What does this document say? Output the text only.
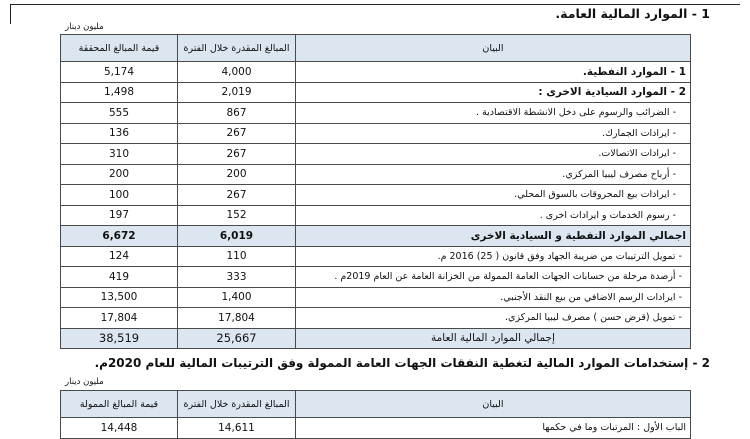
1 - الموارد المالية العامة.
مليون دينار
قيمة المبالغ المحققة	المبالغ المقدرة خلال الفترة	البيان
5,174	4,000	1 - الموارد النفطية.
1,498	2,019	2 - الموارد السيادية الاخرى :
555	867	- الضرائب والرسوم على دخل الانشطة الاقتصادية .
136	267	- ايرادات الجمارك.
310	267	- ايرادات الاتصالات.
200	200	- أرباح مصرف ليبيا المركزي.
100	267	- ايرادات بيع المحروقات بالسوق المحلي.
197	152	- رسوم الخدمات و ايرادات اخرى .
6,672	6,019	اجمالي الموارد النفطية و السيادية الاخرى
124	110	- تمويل الترتيبات من ضريبة الجهاد وفق قانون ( 25) 2016 م.
419	333	- أرصدة مرحلة من حسابات الجهات العامة الممولة من الخزانة العامة عن العام 2019م .
13,500	1,400	- ايرادات الرسم الاضافي من بيع النقد الأجنبي.
17,804	17,804	- تمويل (قرض حسن ) مصرف ليبيا المركزي.
38,519	25,667	إجمالي الموارد المالية العامة
2 - إستخدامات الموارد المالية لتغطية النفقات الجهات العامة الممولة وفق الترتيبات المالية للعام 2020م.
مليون دينار
قيمة المبالغ الممولة	المبالغ المقدرة خلال الفترة	البيان
14,448	14,611	الباب الأول : المرتبات وما في حكمها
